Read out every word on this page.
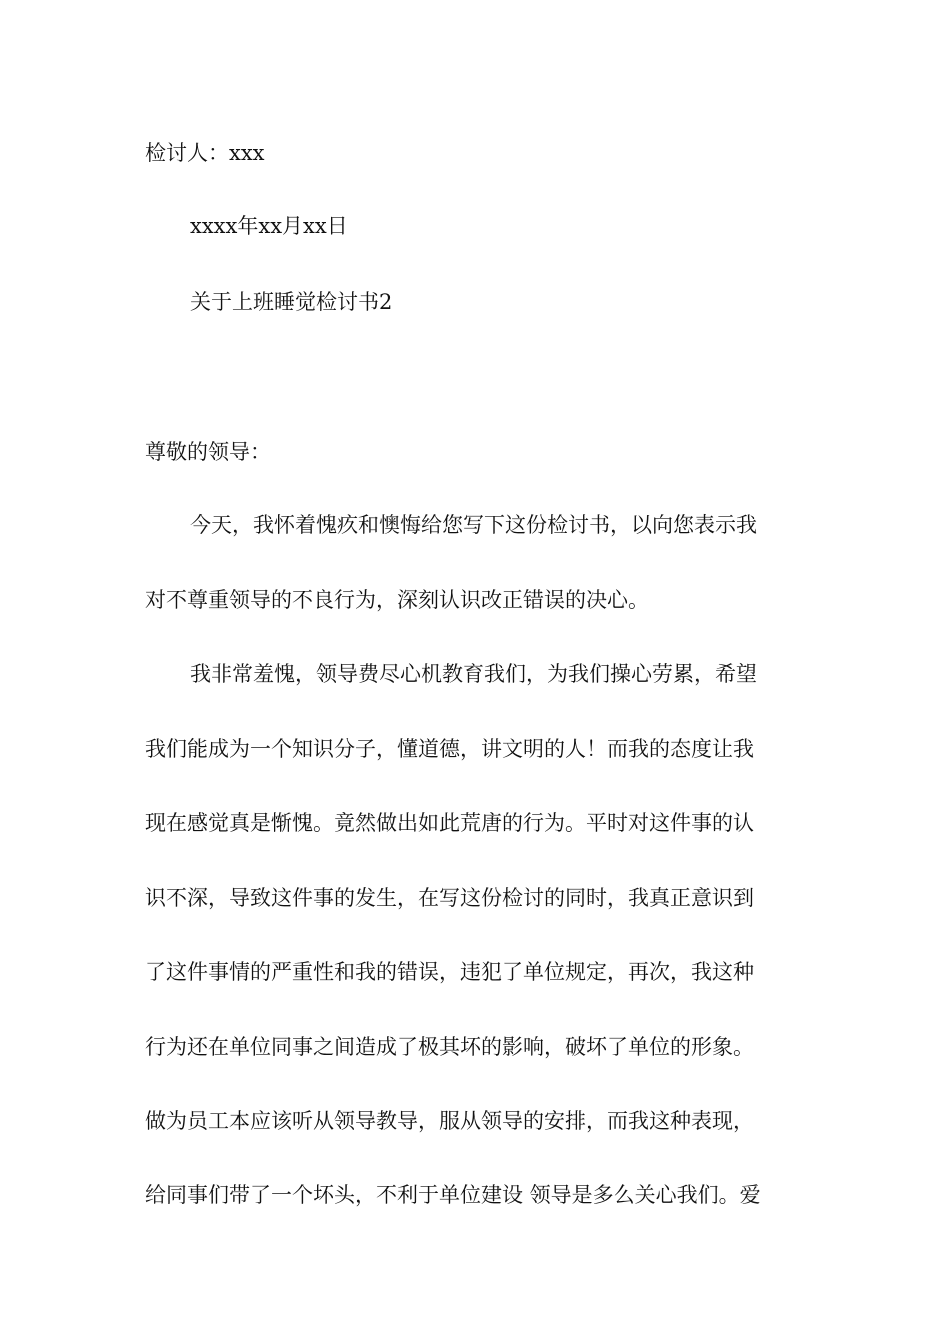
检讨人：xxx
xxxx年xx月xx日
关于上班睡觉检讨书2
尊敬的领导：
今天，我怀着愧疚和懊悔给您写下这份检讨书，以向您表示我
对不尊重领导的不良行为，深刻认识改正错误的决心。
我非常羞愧，领导费尽心机教育我们，为我们操心劳累，希望
我们能成为一个知识分子，懂道德，讲文明的人！而我的态度让我
现在感觉真是惭愧。竟然做出如此荒唐的行为。平时对这件事的认
识不深，导致这件事的发生，在写这份检讨的同时，我真正意识到
了这件事情的严重性和我的错误，违犯了单位规定，再次，我这种
行为还在单位同事之间造成了极其坏的影响，破坏了单位的形象。
做为员工本应该听从领导教导，服从领导的安排，而我这种表现，
给同事们带了一个坏头，不利于单位建设 领导是多么关心我们。爱
